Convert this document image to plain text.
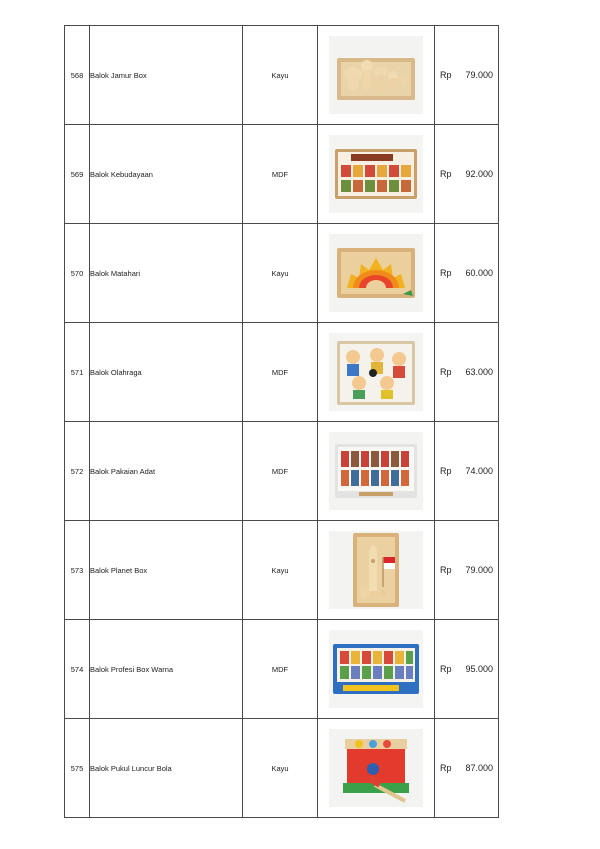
568	Balok Jamur Box	Kayu		Rp 79.000

569	Balok Kebudayaan	MDF		Rp 92.000

570	Balok Matahari	Kayu		Rp 60.000

571	Balok Olahraga	MDF		Rp 63.000

572	Balok Pakaian Adat	MDF		Rp 74.000

573	Balok Planet Box	Kayu		Rp 79.000

574	Balok Profesi Box Warna	MDF		Rp 95.000

575	Balok Pukul Luncur Bola	Kayu		Rp 87.000
